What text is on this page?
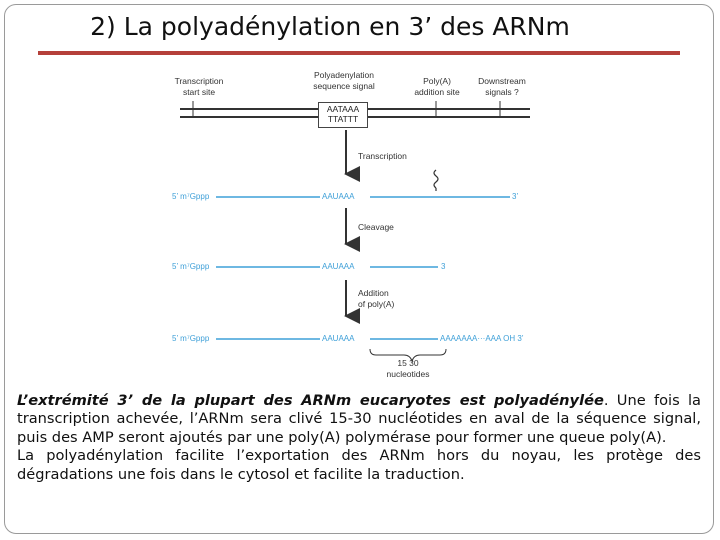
2) La polyadénylation en 3’ des ARNm
Transcription
start site
Polyadenylation
sequence signal	Poly(A)
addition site
Downstream
signals ?
AATAAA
TTATTT
Transcription
Cleavage
Addition
of poly(A)
5’ m⁷Gppp	AAUAAA	3’
5’ m⁷Gppp	AAUAAA	3
5’ m⁷Gppp	AAUAAA	AAAAAAA···AAA OH 3’
15 30
nucleotides

L’extrémité 3’ de la plupart des ARNm eucaryotes est polyadénylée. Une fois la transcription achevée, l’ARNm sera clivé 15-30 nucléotides en aval de la séquence signal, puis des AMP seront ajoutés par une poly(A) polymérase pour former une queue poly(A).

La polyadénylation facilite l’exportation des ARNm hors du noyau, les protège des dégradations une fois dans le cytosol et facilite la traduction.
